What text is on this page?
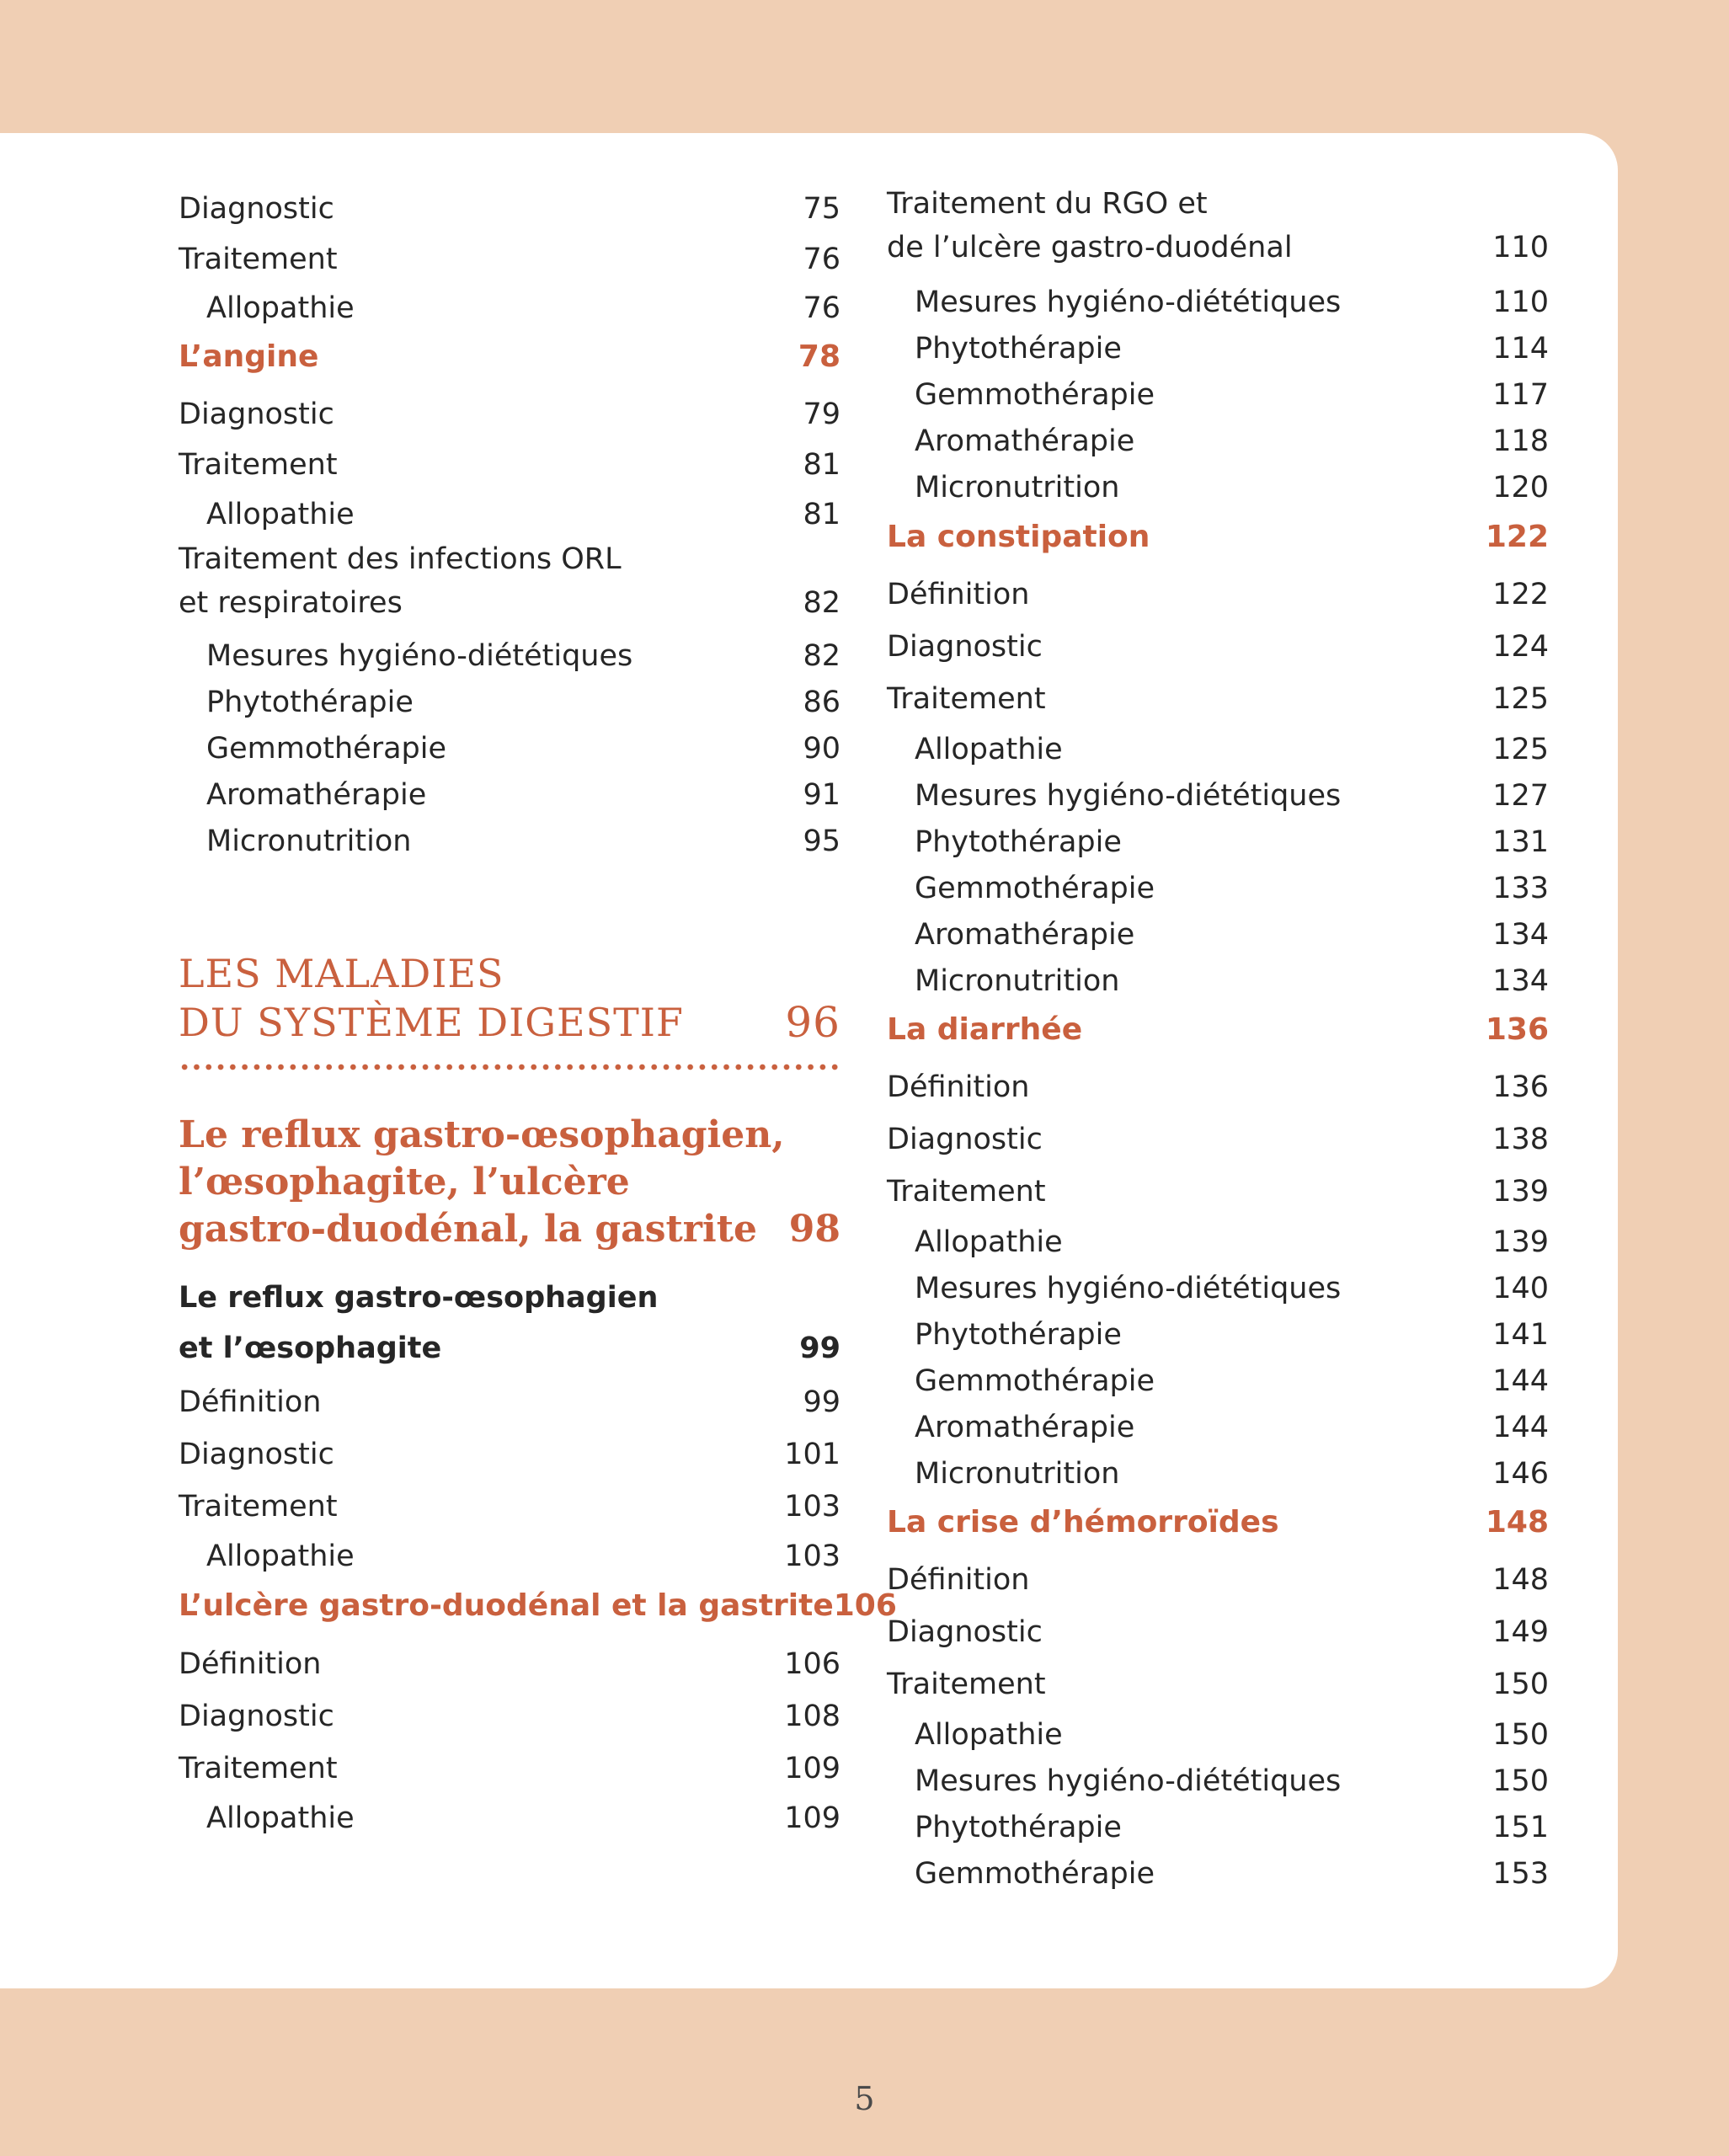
Diagnostic	75
Traitement	76
Allopathie	76
L’angine	78
Diagnostic	79
Traitement	81
Allopathie	81
Traitement des infections ORL
et respiratoires	82
Mesures hygiéno-diététiques	82
Phytothérapie	86
Gemmothérapie	90
Aromathérapie	91
Micronutrition	95
LES MALADIES
DU SYSTÈME DIGESTIF 96
Le reflux gastro-œsophagien,
l’œsophagite, l’ulcère
gastro-duodénal, la gastrite 98
Le reflux gastro-œsophagien
et l’œsophagite	99
Définition	99
Diagnostic	101
Traitement	103
Allopathie	103
L’ulcère gastro-duodénal et la gastrite 106
Définition	106
Diagnostic	108
Traitement	109
Allopathie	109
Traitement du RGO et
de l’ulcère gastro-duodénal	110
Mesures hygiéno-diététiques	110
Phytothérapie	114
Gemmothérapie	117
Aromathérapie	118
Micronutrition	120
La constipation	122
Définition	122
Diagnostic	124
Traitement	125
Allopathie	125
Mesures hygiéno-diététiques	127
Phytothérapie	131
Gemmothérapie	133
Aromathérapie	134
Micronutrition	134
La diarrhée	136
Définition	136
Diagnostic	138
Traitement	139
Allopathie	139
Mesures hygiéno-diététiques	140
Phytothérapie	141
Gemmothérapie	144
Aromathérapie	144
Micronutrition	146
La crise d’hémorroïdes	148
Définition	148
Diagnostic	149
Traitement	150
Allopathie	150
Mesures hygiéno-diététiques	150
Phytothérapie	151
Gemmothérapie	153
5
